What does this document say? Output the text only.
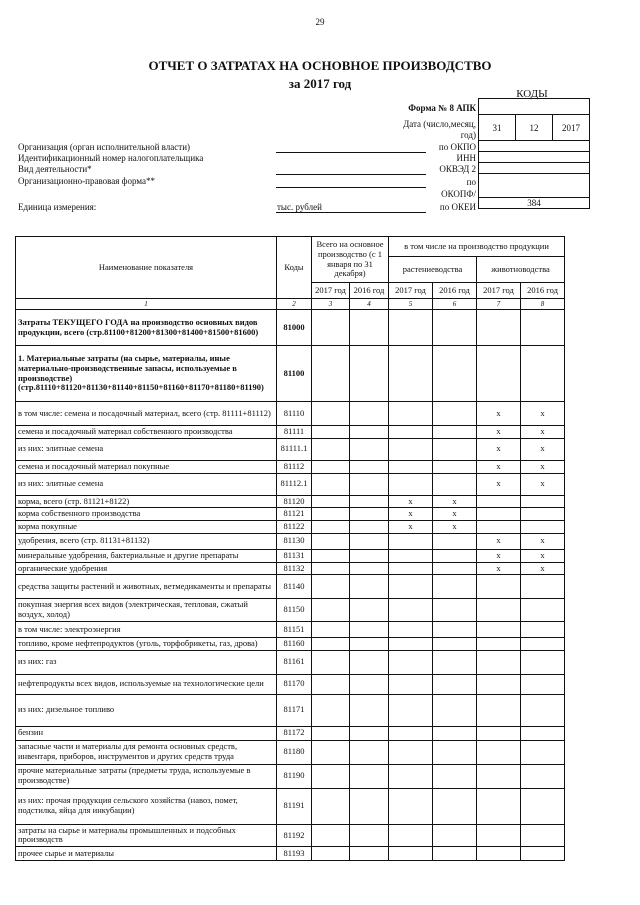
29
ОТЧЕТ О ЗАТРАТАХ НА ОСНОВНОЕ ПРОИЗВОДСТВО
за 2017 год
КОДЫ
Форма № 8 АПК
Дата (число,месяц,
год)

31	12	2017

384
Организация (орган исполнительной власти)	по ОКПО
Идентификационный номер налогоплательщика	ИНН
Вид деятельности*	ОКВЭД 2
Организационно-правовая форма**	по
ОКОПФ/
Единица измерения:	тыс. рублей	по ОКЕИ
Наименование показателя	Коды	Всего на основное производство (с 1 января по 31 декабря)		в том числе на производство продукции			
				растениеводства		животноводства	
		2017 год	2016 год	2017 год	2016 год	2017 год	2016 год
1	2	3	4	5	6	7	8
Затраты ТЕКУЩЕГО ГОДА на производство основных видов продукции, всего (стр.81100+81200+81300+81400+81500+81600)	81000						
1. Материальные затраты (на сырье, материалы, иные материально-производственные запасы, используемые в производстве) (стр.81110+81120+81130+81140+81150+81160+81170+81180+81190)	81100						
в том числе: семена и посадочный материал, всего (стр. 81111+81112)	81110					x	x
семена и посадочный материал собственного производства	81111					x	x
из них: элитные семена	81111.1					x	x
семена и посадочный материал покупные	81112					x	x
из них: элитные семена	81112.1					x	x
корма, всего (стр. 81121+8122)	81120			x	x		
корма собственного производства	81121			x	x		
корма покупные	81122			x	x		
удобрения, всего (стр. 81131+81132)	81130					x	x
минеральные удобрения, бактериальные и другие препараты	81131					x	x
органические удобрения	81132					x	x
средства защиты растений и животных, ветмедикаменты и препараты	81140						
покупная энергия всех видов (электрическая, тепловая, сжатый воздух, холод)	81150						
в том числе: электроэнергия	81151						
топливо, кроме нефтепродуктов (уголь, торфобрикеты, газ, дрова)	81160						
из них: газ	81161						
нефтепродукты всех видов, используемые на технологические цели	81170						
из них: дизельное топливо	81171						
бензин	81172						
запасные части и материалы для ремонта основных средств, инвентаря, приборов, инструментов и других средств труда	81180						
прочие материальные затраты (предметы труда, используемые в производстве)	81190						
из них: прочая продукция сельского хозяйства (навоз, помет, подстилка, яйца для инкубации)	81191						
затраты на сырье и материалы промышленных и подсобных производств	81192						
прочее сырье и материалы	81193						
